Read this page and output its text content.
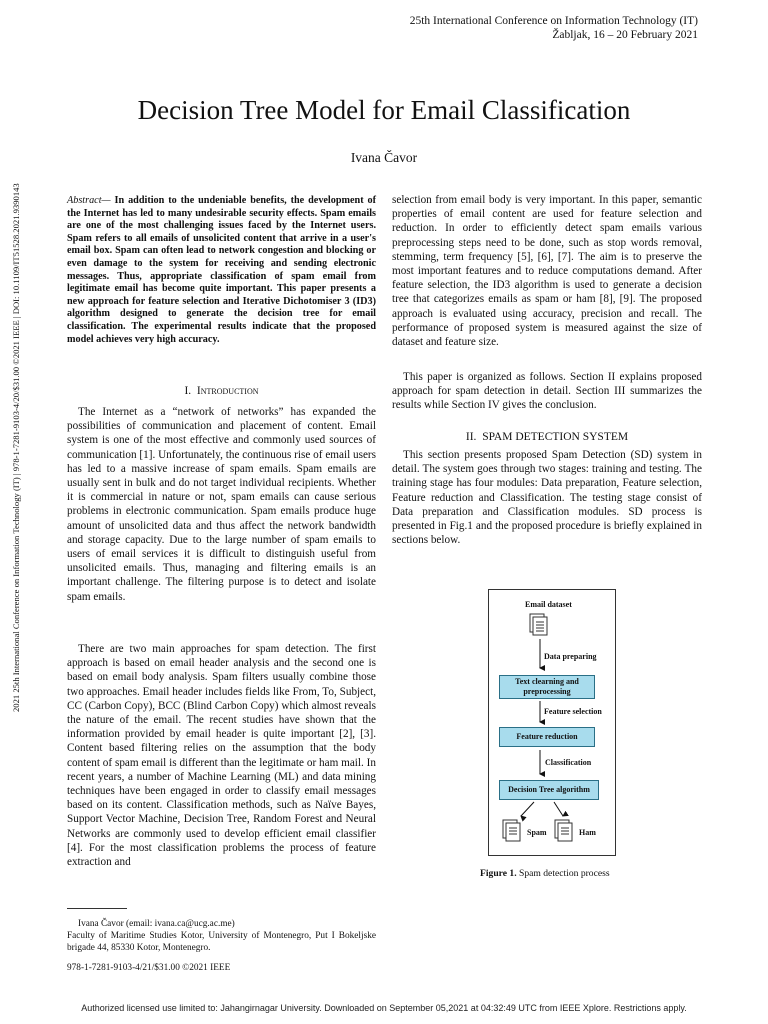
25th International Conference on Information Technology (IT)
Žabljak, 16 – 20 February 2021
Decision Tree Model for Email Classification
Ivana Čavor
2021 25th International Conference on Information Technology (IT) | 978-1-7281-9103-4/20/$31.00 ©2021 IEEE | DOI: 10.1109/IT51528.2021.9390143	Abstract— In addition to the undeniable benefits, the development of the Internet has led to many undesirable security effects. Spam emails are one of the most challenging issues faced by the Internet users. Spam refers to all emails of unsolicited content that arrive in a user's email box. Spam can often lead to network congestion and blocking or even damage to the system for receiving and sending electronic messages. Thus, appropriate classification of spam email from legitimate email has become quite important. This paper presents a new approach for feature selection and Iterative Dichotomiser 3 (ID3) algorithm designed to generate the decision tree for email classification. The experimental results indicate that the proposed model achieves very high accuracy.
I. Introduction

The Internet as a “network of networks” has expanded the possibilities of communication and placement of content. Email system is one of the most effective and commonly used sources of communication [1]. Unfortunately, the continuous rise of email users has led to a massive increase of spam emails. Spam emails are usually sent in bulk and do not target individual recipients. Whether it is commercial in nature or not, spam emails can cause serious problems in electronic communication. Spam emails produce huge amount of unsolicited data and thus affect the network bandwidth and storage capacity. Due to the large number of spam emails to users of email services it is difficult to distinguish useful from unsolicited emails. Thus, managing and filtering emails is an important challenge. The filtering purpose is to detect and isolate spam emails.

There are two main approaches for spam detection. The first approach is based on email header analysis and the second one is based on email body analysis. Spam filters usually combine those two approaches. Email header includes fields like From, To, Subject, CC (Carbon Copy), BCC (Blind Carbon Copy) which almost reveals the nature of the email. The recent studies have shown that the information provided by email header is quite important [2], [3]. Content based filtering relies on the assumption that the body content of spam email is different than the legitimate or ham mail. In recent years, a number of Machine Learning (ML) and data mining techniques have been engaged in order to classify email messages based on its content. Classification methods, such as Naïve Bayes, Support Vector Machine, Decision Tree, Random Forest and Neural Networks are commonly used to develop efficient email classifier [4]. For the most classification problems the process of feature extraction and

Ivana Čavor (email: ivana.ca@ucg.ac.me)
Faculty of Maritime Studies Kotor, University of Montenegro, Put I Bokeljske brigade 44, 85330 Kotor, Montenegro.
978-1-7281-9103-4/21/$31.00 ©2021 IEEE

selection from email body is very important. In this paper, semantic properties of email content are used for feature selection and reduction. In order to efficiently detect spam emails various preprocessing steps need to be done, such as stop words removal, stemming, term frequency [5], [6], [7]. The aim is to preserve the most important features and to reduce computations demand. After feature selection, the ID3 algorithm is used to generate a decision tree that categorizes emails as spam or ham [8], [9]. The proposed approach is evaluated using accuracy, precision and recall. The performance of proposed system is measured against the size of dataset and feature size.

This paper is organized as follows. Section II explains proposed approach for spam detection in detail. Section III summarizes the results while Section IV gives the conclusion.

II. SPAM DETECTION SYSTEM

This section presents proposed Spam Detection (SD) system in detail. The system goes through two stages: training and testing. The training stage has four modules: Data preparation, Feature selection, Feature reduction and Classification. The testing stage consist of Data preparation and Classification modules. SD process is presented in Fig.1 and the proposed procedure is briefly explained in sections below.

Email dataset
Data preparing
Text clearning and preprocessing
Feature selection
Feature reduction
Classification
Decision Tree algorithm
Spam	Ham
Figure 1. Spam detection process
Authorized licensed use limited to: Jahangirnagar University. Downloaded on September 05,2021 at 04:32:49 UTC from IEEE Xplore. Restrictions apply.
